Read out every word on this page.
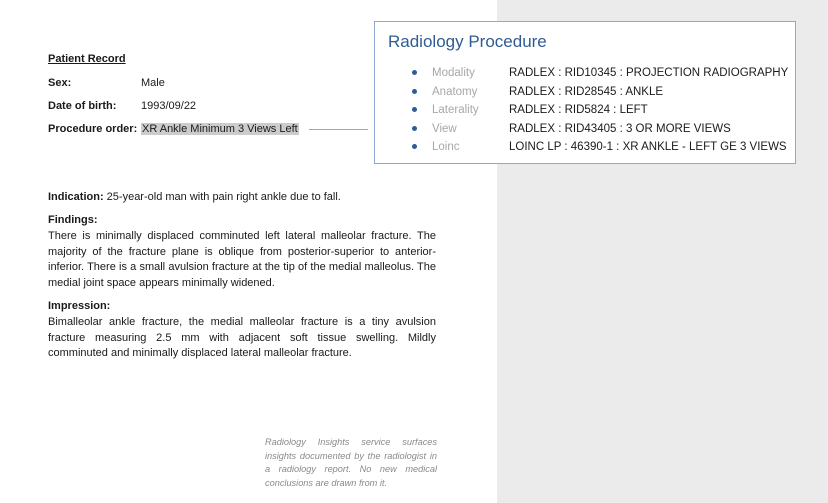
Patient Record
Sex:	Male
Date of birth: 1993/09/22
Procedure order: XR Ankle Minimum 3 Views Left
Indication: 25-year-old man with pain right ankle due to fall.
Findings:
There is minimally displaced comminuted left lateral malleolar fracture. The majority of the fracture plane is oblique from posterior-superior to anterior-inferior. There is a small avulsion fracture at the tip of the medial malleolus. The medial joint space appears minimally widened.
Impression:
Bimalleolar ankle fracture, the medial malleolar fracture is a tiny avulsion fracture measuring 2.5 mm with adjacent soft tissue swelling. Mildly comminuted and minimally displaced lateral malleolar fracture.
Radiology Insights service surfaces insights documented by the radiologist in a radiology report. No new medical conclusions are drawn from it.
Radiology Procedure
Modality	RADLEX : RID10345 : PROJECTION RADIOGRAPHY
Anatomy	RADLEX : RID28545 : ANKLE
Laterality	RADLEX : RID5824 : LEFT
View	RADLEX : RID43405 : 3 OR MORE VIEWS
Loinc	LOINC LP : 46390-1 : XR ANKLE - LEFT GE 3 VIEWS
